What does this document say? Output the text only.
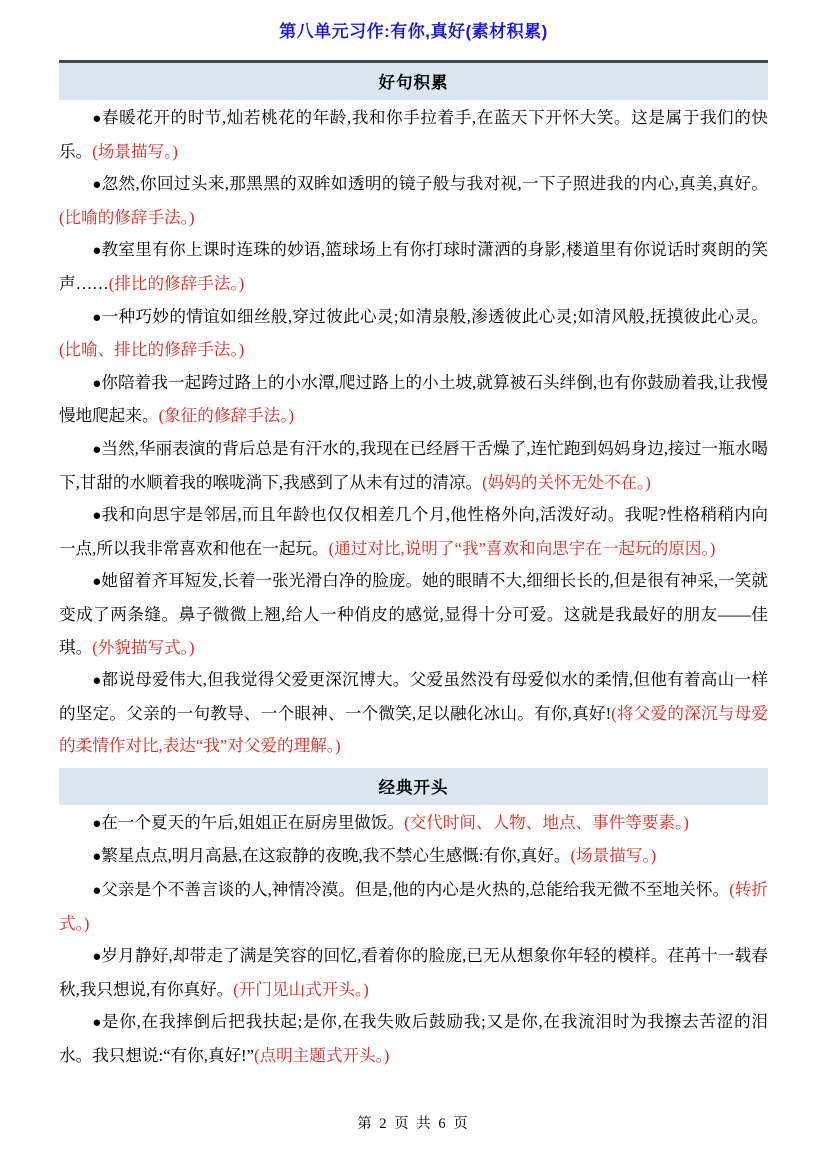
第八单元习作:有你,真好(素材积累)
好句积累

●春暖花开的时节,灿若桃花的年龄,我和你手拉着手,在蓝天下开怀大笑。这是属于我们的快乐。(场景描写。)

●忽然,你回过头来,那黑黑的双眸如透明的镜子般与我对视,一下子照进我的内心,真美,真好。(比喻的修辞手法。)

●教室里有你上课时连珠的妙语,篮球场上有你打球时潇洒的身影,楼道里有你说话时爽朗的笑声……(排比的修辞手法。)

●一种巧妙的情谊如细丝般,穿过彼此心灵;如清泉般,渗透彼此心灵;如清风般,抚摸彼此心灵。(比喻、排比的修辞手法。)

●你陪着我一起跨过路上的小水潭,爬过路上的小土坡,就算被石头绊倒,也有你鼓励着我,让我慢慢地爬起来。(象征的修辞手法。)

●当然,华丽表演的背后总是有汗水的,我现在已经唇干舌燥了,连忙跑到妈妈身边,接过一瓶水喝下,甘甜的水顺着我的喉咙淌下,我感到了从未有过的清凉。(妈妈的关怀无处不在。)

●我和向思宇是邻居,而且年龄也仅仅相差几个月,他性格外向,活泼好动。我呢?性格稍稍内向一点,所以我非常喜欢和他在一起玩。(通过对比,说明了“我”喜欢和向思宇在一起玩的原因。)

●她留着齐耳短发,长着一张光滑白净的脸庞。她的眼睛不大,细细长长的,但是很有神采,一笑就变成了两条缝。鼻子微微上翘,给人一种俏皮的感觉,显得十分可爱。这就是我最好的朋友——佳琪。(外貌描写式。)

●都说母爱伟大,但我觉得父爱更深沉博大。父爱虽然没有母爱似水的柔情,但他有着高山一样的坚定。父亲的一句教导、一个眼神、一个微笑,足以融化冰山。有你,真好!(将父爱的深沉与母爱的柔情作对比,表达“我”对父爱的理解。)

经典开头

●在一个夏天的午后,姐姐正在厨房里做饭。(交代时间、人物、地点、事件等要素。)

●繁星点点,明月高悬,在这寂静的夜晚,我不禁心生感慨:有你,真好。(场景描写。)

●父亲是个不善言谈的人,神情冷漠。但是,他的内心是火热的,总能给我无微不至地关怀。(转折式。)

●岁月静好,却带走了满是笑容的回忆,看着你的脸庞,已无从想象你年轻的模样。荏苒十一载春秋,我只想说,有你真好。(开门见山式开头。)

●是你,在我摔倒后把我扶起;是你,在我失败后鼓励我;又是你,在我流泪时为我擦去苦涩的泪水。我只想说:“有你,真好!”(点明主题式开头。)

第 2 页 共 6 页
